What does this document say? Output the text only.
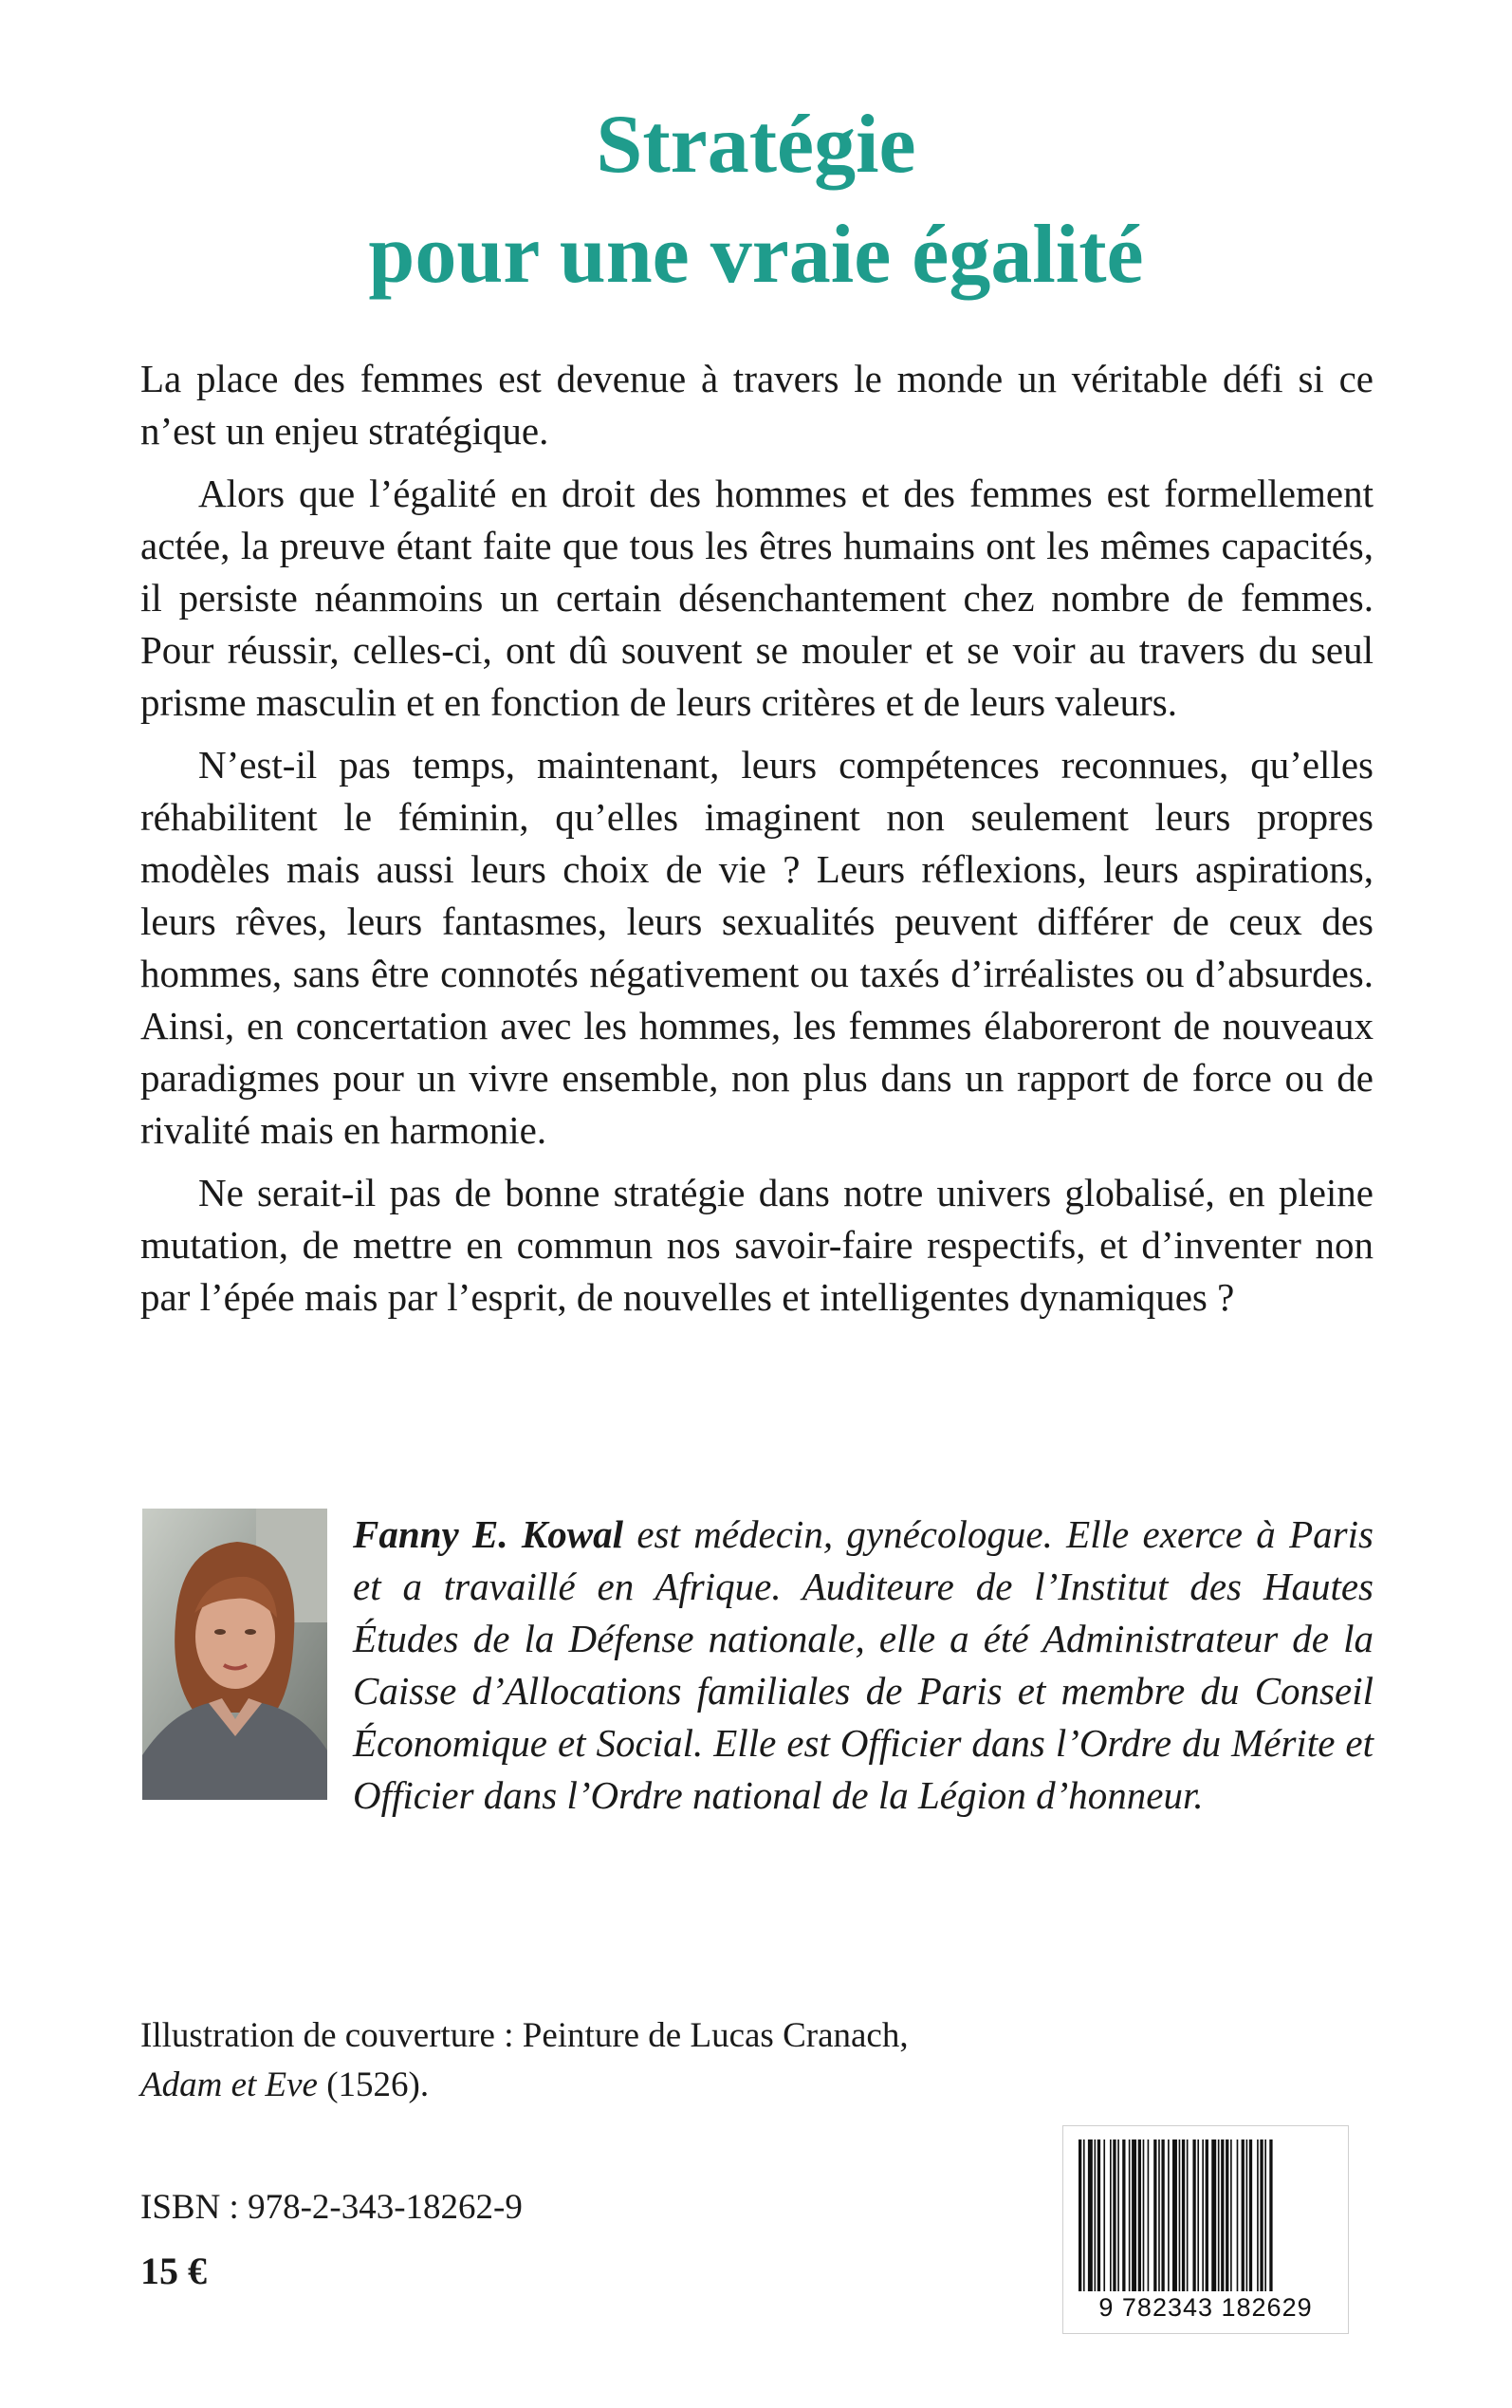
Stratégie
pour une vraie égalité

La place des femmes est devenue à travers le monde un véritable défi si ce n’est un enjeu stratégique.

Alors que l’égalité en droit des hommes et des femmes est formellement actée, la preuve étant faite que tous les êtres humains ont les mêmes capacités, il persiste néanmoins un certain désenchantement chez nombre de femmes. Pour réussir, celles-ci, ont dû souvent se mouler et se voir au travers du seul prisme masculin et en fonction de leurs critères et de leurs valeurs.

N’est-il pas temps, maintenant, leurs compétences reconnues, qu’elles réhabilitent le féminin, qu’elles imaginent non seulement leurs propres modèles mais aussi leurs choix de vie ? Leurs réflexions, leurs aspirations, leurs rêves, leurs fantasmes, leurs sexualités peuvent différer de ceux des hommes, sans être connotés négativement ou taxés d’irréalistes ou d’absurdes. Ainsi, en concertation avec les hommes, les femmes élaboreront de nouveaux paradigmes pour un vivre ensemble, non plus dans un rapport de force ou de rivalité mais en harmonie.

Ne serait-il pas de bonne stratégie dans notre univers globalisé, en pleine mutation, de mettre en commun nos savoir-faire respectifs, et d’inventer non par l’épée mais par l’esprit, de nouvelles et intelligentes dynamiques ?

Fanny E. Kowal est médecin, gynécologue. Elle exerce à Paris et a travaillé en Afrique. Auditeure de l’Institut des Hautes Études de la Défense nationale, elle a été Administrateur de la Caisse d’Allocations familiales de Paris et membre du Conseil Économique et Social. Elle est Officier dans l’Ordre du Mérite et Officier dans l’Ordre national de la Légion d’honneur.
Illustration de couverture : Peinture de Lucas Cranach,
Adam et Eve (1526).
ISBN : 978-2-343-18262-9
15 €
9 782343 182629
